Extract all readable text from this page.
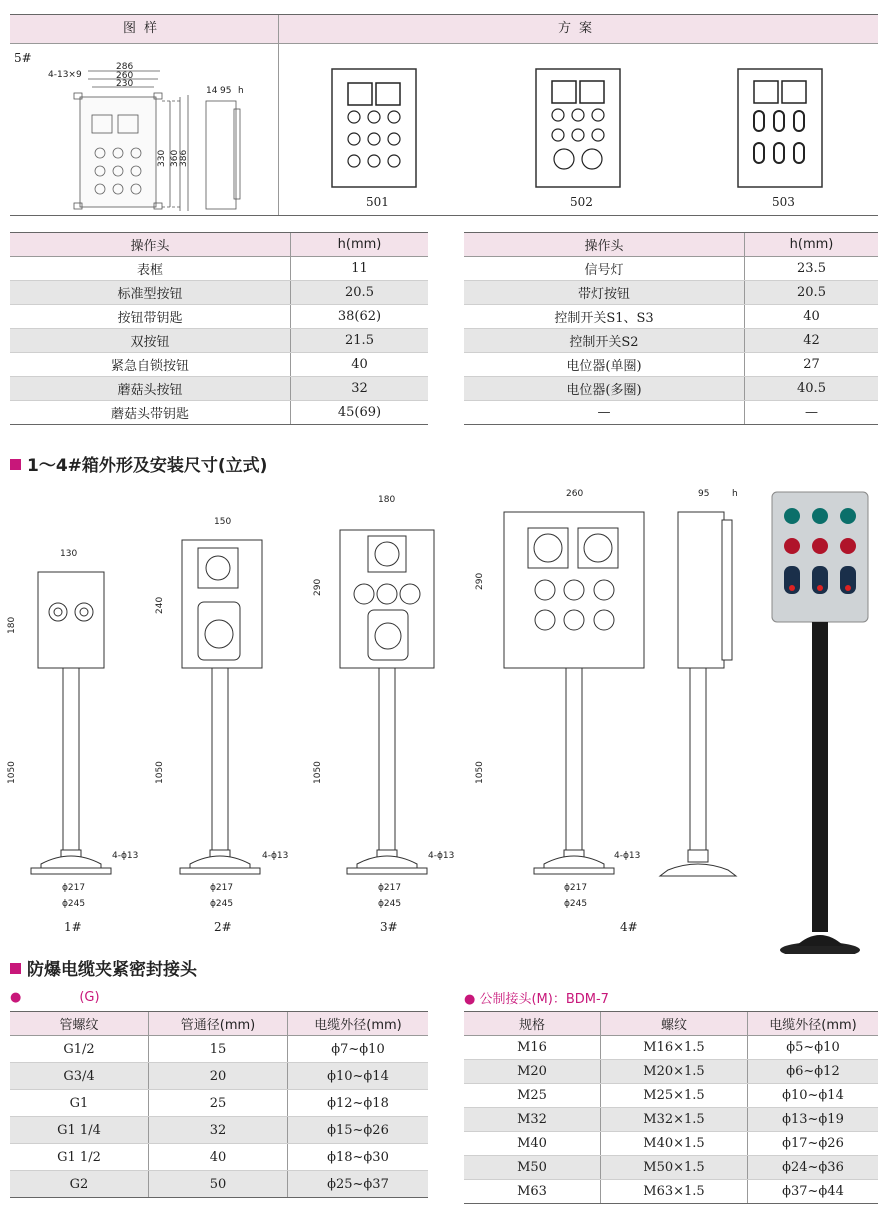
图样	方案
5#
4-13×9
286
260
230
330 360 386
14 95 h
501	502	503
操作头	h(mm)
表框	11
标准型按钮	20.5
按钮带钥匙	38(62)
双按钮	21.5
紧急自锁按钮	40
蘑菇头按钮	32
蘑菇头带钥匙	45(69)
操作头	h(mm)
信号灯	23.5
带灯按钮	20.5
控制开关S1、S3	40
控制开关S2	42
电位器(单圈)	27
电位器(多圈)	40.5
—	—
1～4#箱外形及安装尺寸(立式)
130
150
180
260	95	h
180
240
290	290
1050	1050	1050	1050
4-ϕ13	4-ϕ13	4-ϕ13	4-ϕ13
ϕ217	ϕ217	ϕ217	ϕ217
ϕ245	ϕ245	ϕ245	ϕ245
1#	2#	3#	4#
防爆电缆夹紧密封接头
●	(G)	● 公制接头(M)：BDM-7
管螺纹	管通径(mm)	电缆外径(mm)
G1/2	15	ϕ7~ϕ10
G3/4	20	ϕ10~ϕ14
G1	25	ϕ12~ϕ18
G1 1/4	32	ϕ15~ϕ26
G1 1/2	40	ϕ18~ϕ30
G2	50	ϕ25~ϕ37
规格	螺纹	电缆外径(mm)
M16	M16×1.5	ϕ5~ϕ10
M20	M20×1.5	ϕ6~ϕ12
M25	M25×1.5	ϕ10~ϕ14
M32	M32×1.5	ϕ13~ϕ19
M40	M40×1.5	ϕ17~ϕ26
M50	M50×1.5	ϕ24~ϕ36
M63	M63×1.5	ϕ37~ϕ44
